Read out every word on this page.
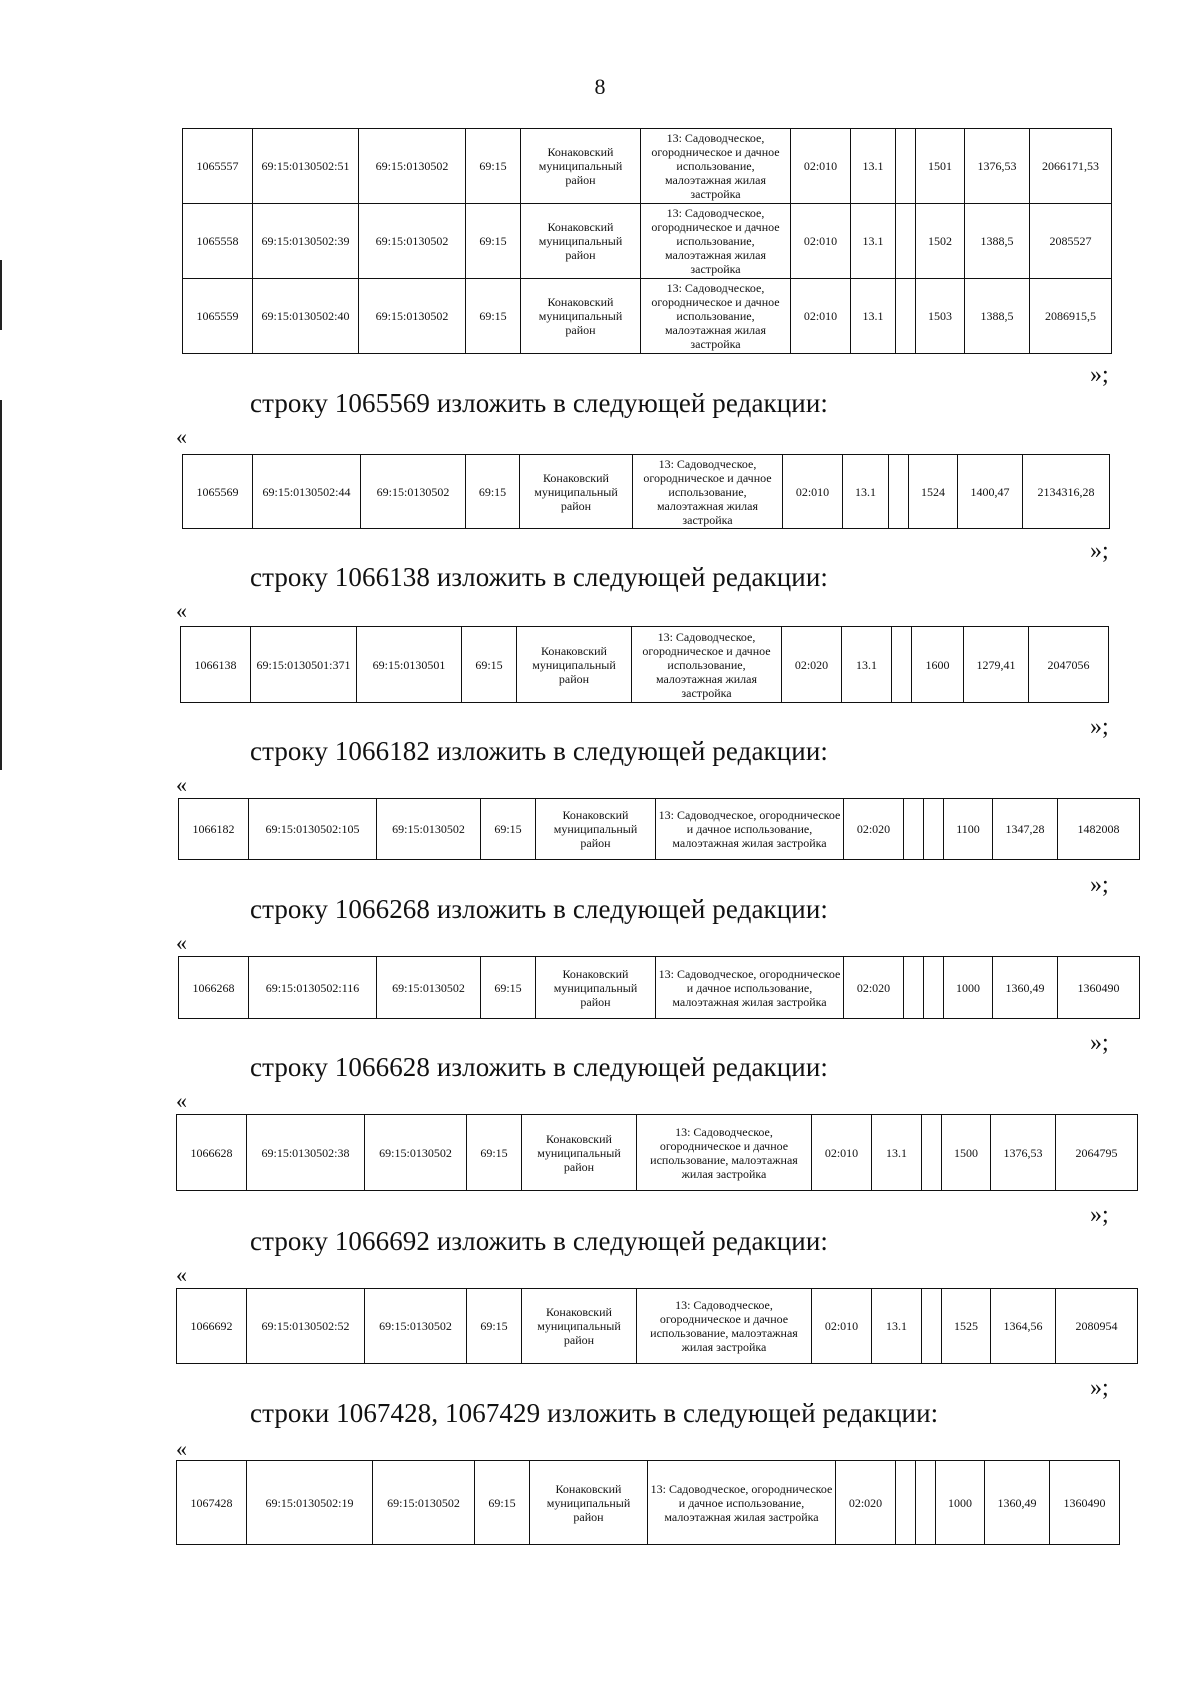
8
1065557	69:15:0130502:51	69:15:0130502	69:15	Конаковский муниципальный район	13: Садоводческое, огородническое и дачное использование, малоэтажная жилая застройка	02:010	13.1		1501	1376,53	2066171,53
1065558	69:15:0130502:39	69:15:0130502	69:15	Конаковский муниципальный район	13: Садоводческое, огородническое и дачное использование, малоэтажная жилая застройка	02:010	13.1		1502	1388,5	2085527
1065559	69:15:0130502:40	69:15:0130502	69:15	Конаковский муниципальный район	13: Садоводческое, огородническое и дачное использование, малоэтажная жилая застройка	02:010	13.1		1503	1388,5	2086915,5
»;
строку 1065569 изложить в следующей редакции:
«
1065569	69:15:0130502:44	69:15:0130502	69:15	Конаковский муниципальный район	13: Садоводческое, огородническое и дачное использование, малоэтажная жилая застройка	02:010	13.1		1524	1400,47	2134316,28
»;
строку 1066138 изложить в следующей редакции:
«
1066138	69:15:0130501:371	69:15:0130501	69:15	Конаковский муниципальный район	13: Садоводческое, огородническое и дачное использование, малоэтажная жилая застройка	02:020	13.1		1600	1279,41	2047056
»;
строку 1066182 изложить в следующей редакции:
«
1066182	69:15:0130502:105	69:15:0130502	69:15	Конаковский муниципальный район	13: Садоводческое, огородническое и дачное использование, малоэтажная жилая застройка	02:020			1100	1347,28	1482008
»;
строку 1066268 изложить в следующей редакции:
«
1066268	69:15:0130502:116	69:15:0130502	69:15	Конаковский муниципальный район	13: Садоводческое, огородническое и дачное использование, малоэтажная жилая застройка	02:020			1000	1360,49	1360490
»;
строку 1066628 изложить в следующей редакции:
«
1066628	69:15:0130502:38	69:15:0130502	69:15	Конаковский муниципальный район	13: Садоводческое, огородническое и дачное использование, малоэтажная жилая застройка	02:010	13.1		1500	1376,53	2064795
»;
строку 1066692 изложить в следующей редакции:
«
1066692	69:15:0130502:52	69:15:0130502	69:15	Конаковский муниципальный район	13: Садоводческое, огородническое и дачное использование, малоэтажная жилая застройка	02:010	13.1		1525	1364,56	2080954
»;
строки 1067428, 1067429 изложить в следующей редакции:
«
1067428	69:15:0130502:19	69:15:0130502	69:15	Конаковский муниципальный район	13: Садоводческое, огородническое и дачное использование, малоэтажная жилая застройка	02:020			1000	1360,49	1360490
